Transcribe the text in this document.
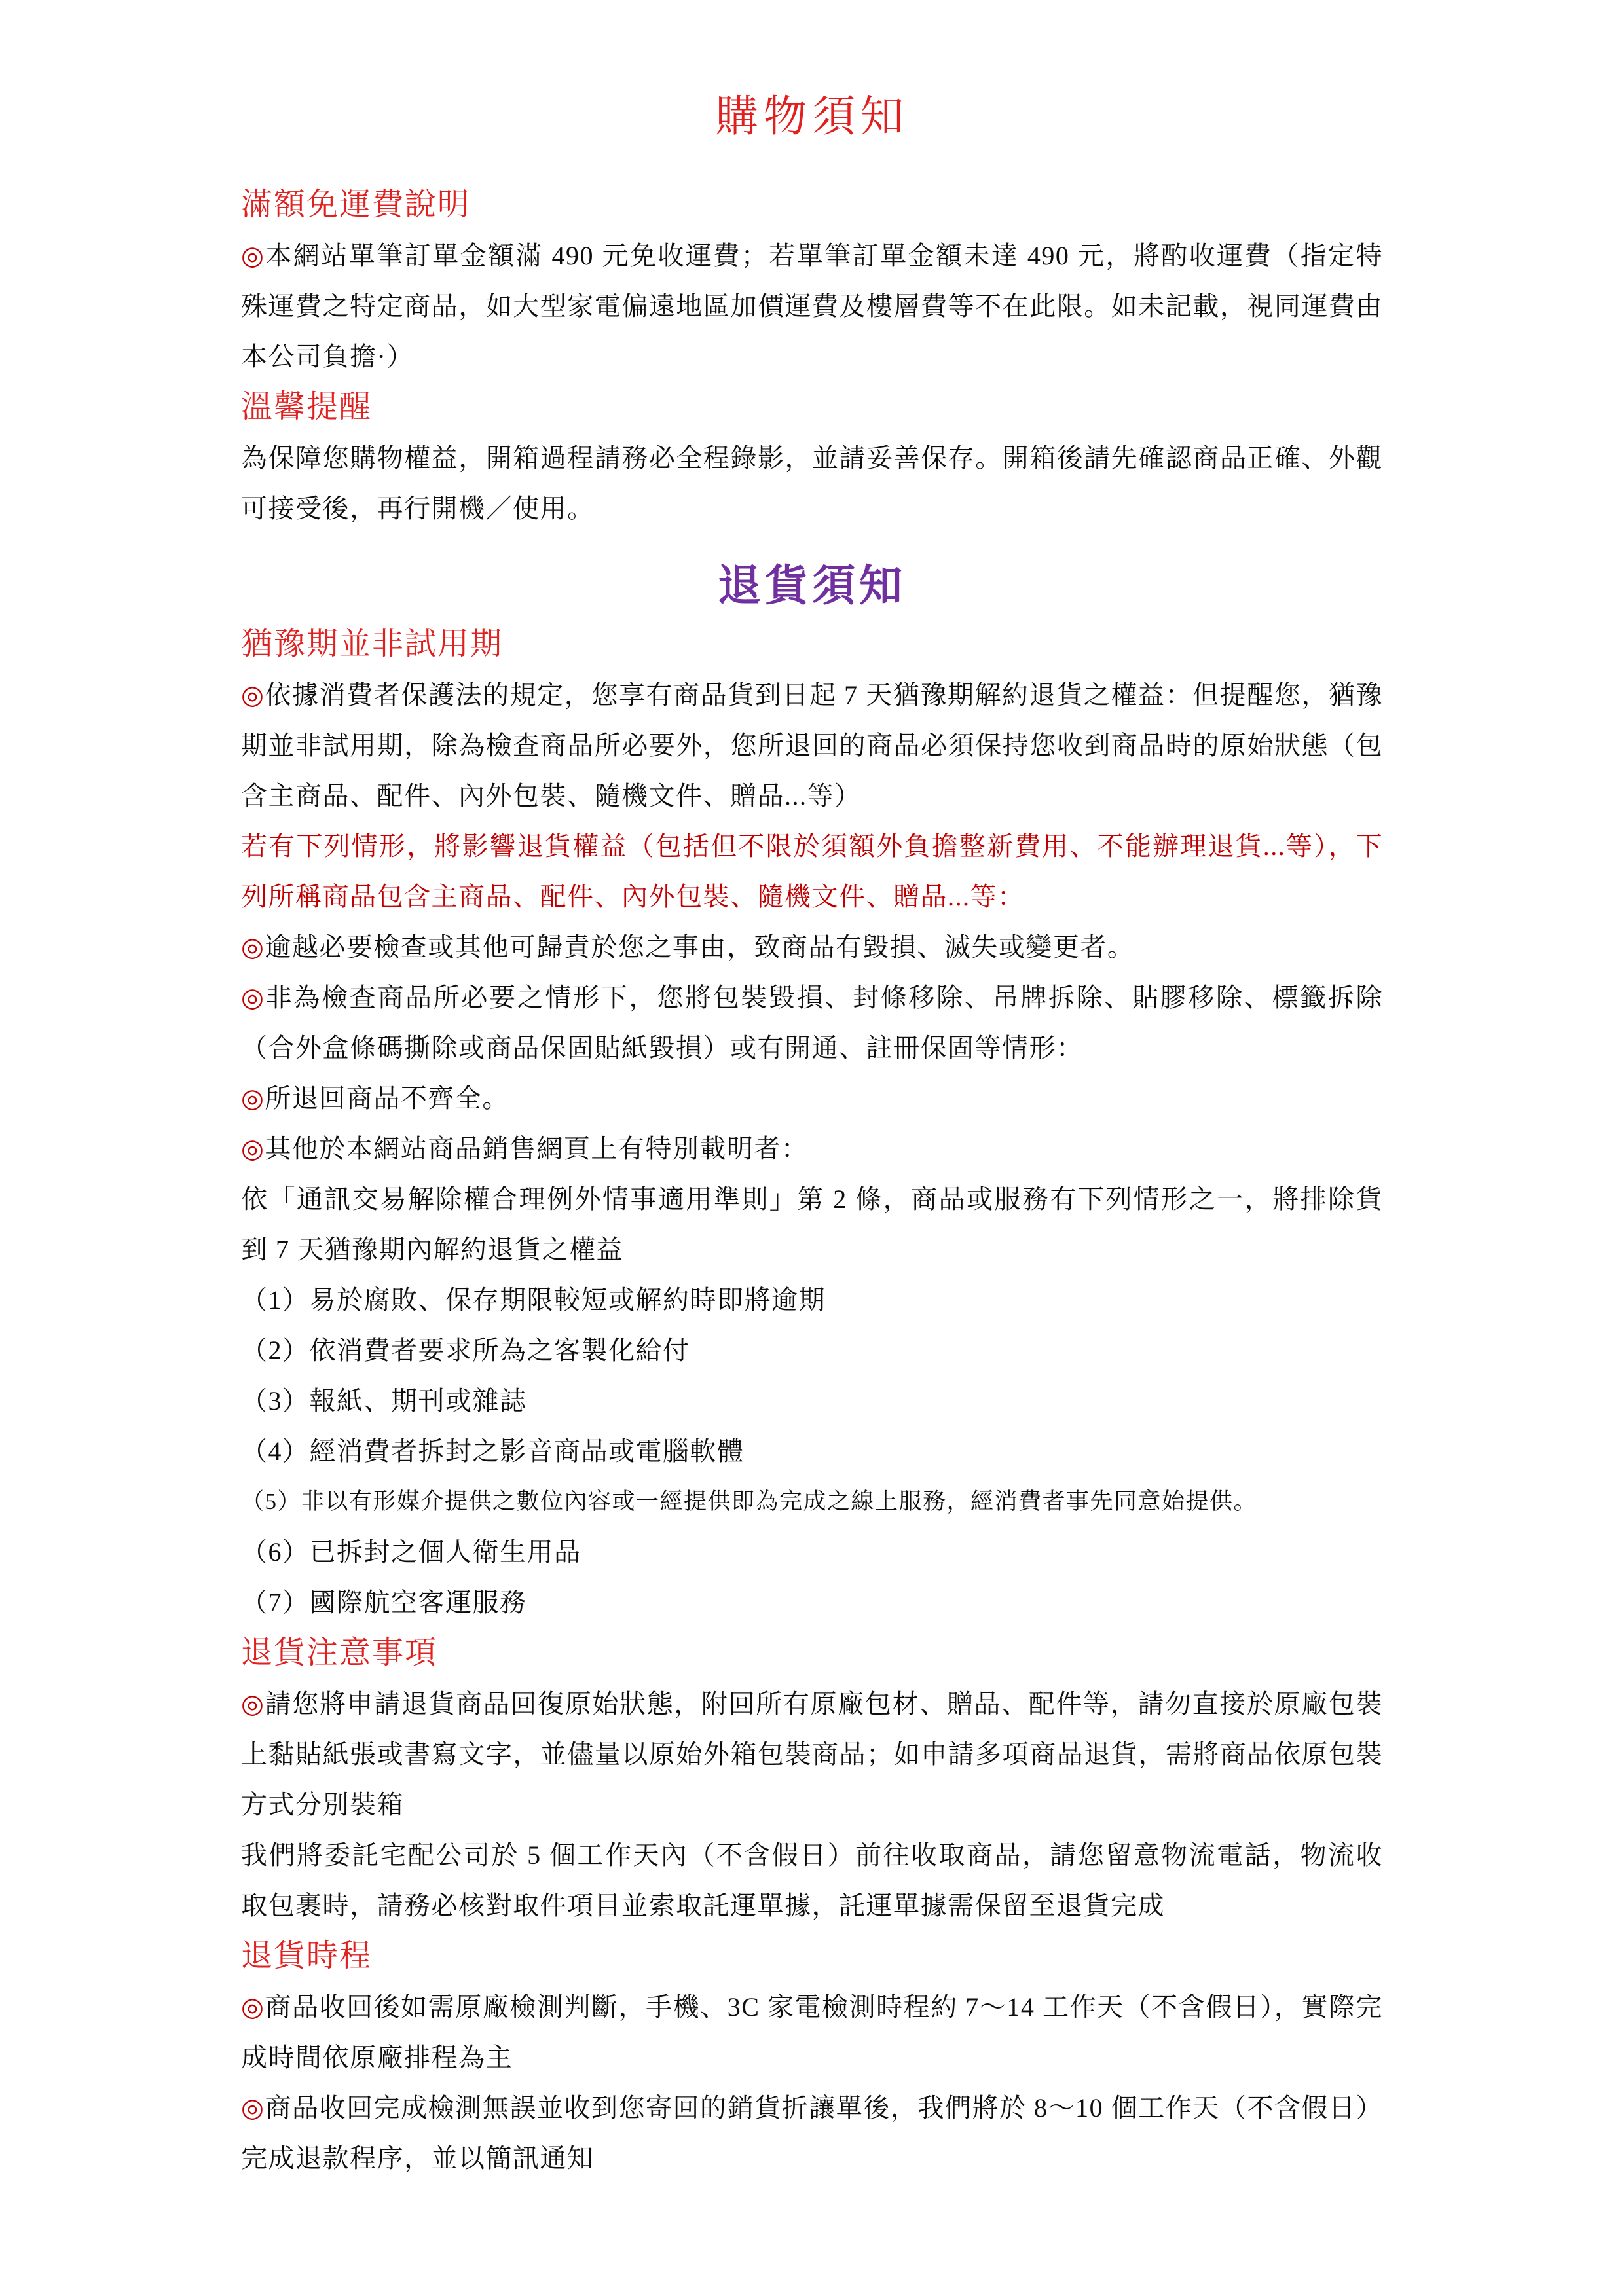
購物須知
滿額免運費說明

◎本網站單筆訂單金額滿 490 元免收運費；若單筆訂單金額未達 490 元，將酌收運費（指定特殊運費之特定商品，如大型家電偏遠地區加價運費及樓層費等不在此限。如未記載，視同運費由本公司負擔·）

溫馨提醒

為保障您購物權益，開箱過程請務必全程錄影，並請妥善保存。開箱後請先確認商品正確、外觀可接受後，再行開機／使用。

退貨須知
猶豫期並非試用期

◎依據消費者保護法的規定，您享有商品貨到日起 7 天猶豫期解約退貨之權益：但提醒您，猶豫期並非試用期，除為檢查商品所必要外，您所退回的商品必須保持您收到商品時的原始狀態（包含主商品、配件、內外包裝、隨機文件、贈品...等）

若有下列情形，將影響退貨權益（包括但不限於須額外負擔整新費用、不能辦理退貨...等），下列所稱商品包含主商品、配件、內外包裝、隨機文件、贈品...等：

◎逾越必要檢查或其他可歸責於您之事由，致商品有毀損、滅失或變更者。

◎非為檢查商品所必要之情形下，您將包裝毀損、封條移除、吊牌拆除、貼膠移除、標籤拆除（合外盒條碼撕除或商品保固貼紙毀損）或有開通、註冊保固等情形：

◎所退回商品不齊全。

◎其他於本網站商品銷售網頁上有特別載明者：

依「通訊交易解除權合理例外情事適用準則」第 2 條，商品或服務有下列情形之一，將排除貨到 7 天猶豫期內解約退貨之權益

（1）易於腐敗、保存期限較短或解約時即將逾期

（2）依消費者要求所為之客製化給付

（3）報紙、期刊或雜誌

（4）經消費者拆封之影音商品或電腦軟體

（5）非以有形媒介提供之數位內容或一經提供即為完成之線上服務，經消費者事先同意始提供。

（6）已拆封之個人衛生用品

（7）國際航空客運服務

退貨注意事項

◎請您將申請退貨商品回復原始狀態，附回所有原廠包材、贈品、配件等，請勿直接於原廠包裝上黏貼紙張或書寫文字，並儘量以原始外箱包裝商品；如申請多項商品退貨，需將商品依原包裝方式分別裝箱

我們將委託宅配公司於 5 個工作天內（不含假日）前往收取商品，請您留意物流電話，物流收取包裹時，請務必核對取件項目並索取託運單據，託運單據需保留至退貨完成

退貨時程

◎商品收回後如需原廠檢測判斷，手機、3C 家電檢測時程約 7～14 工作天（不含假日），實際完成時間依原廠排程為主

◎商品收回完成檢測無誤並收到您寄回的銷貨折讓單後，我們將於 8～10 個工作天（不含假日）完成退款程序，並以簡訊通知
